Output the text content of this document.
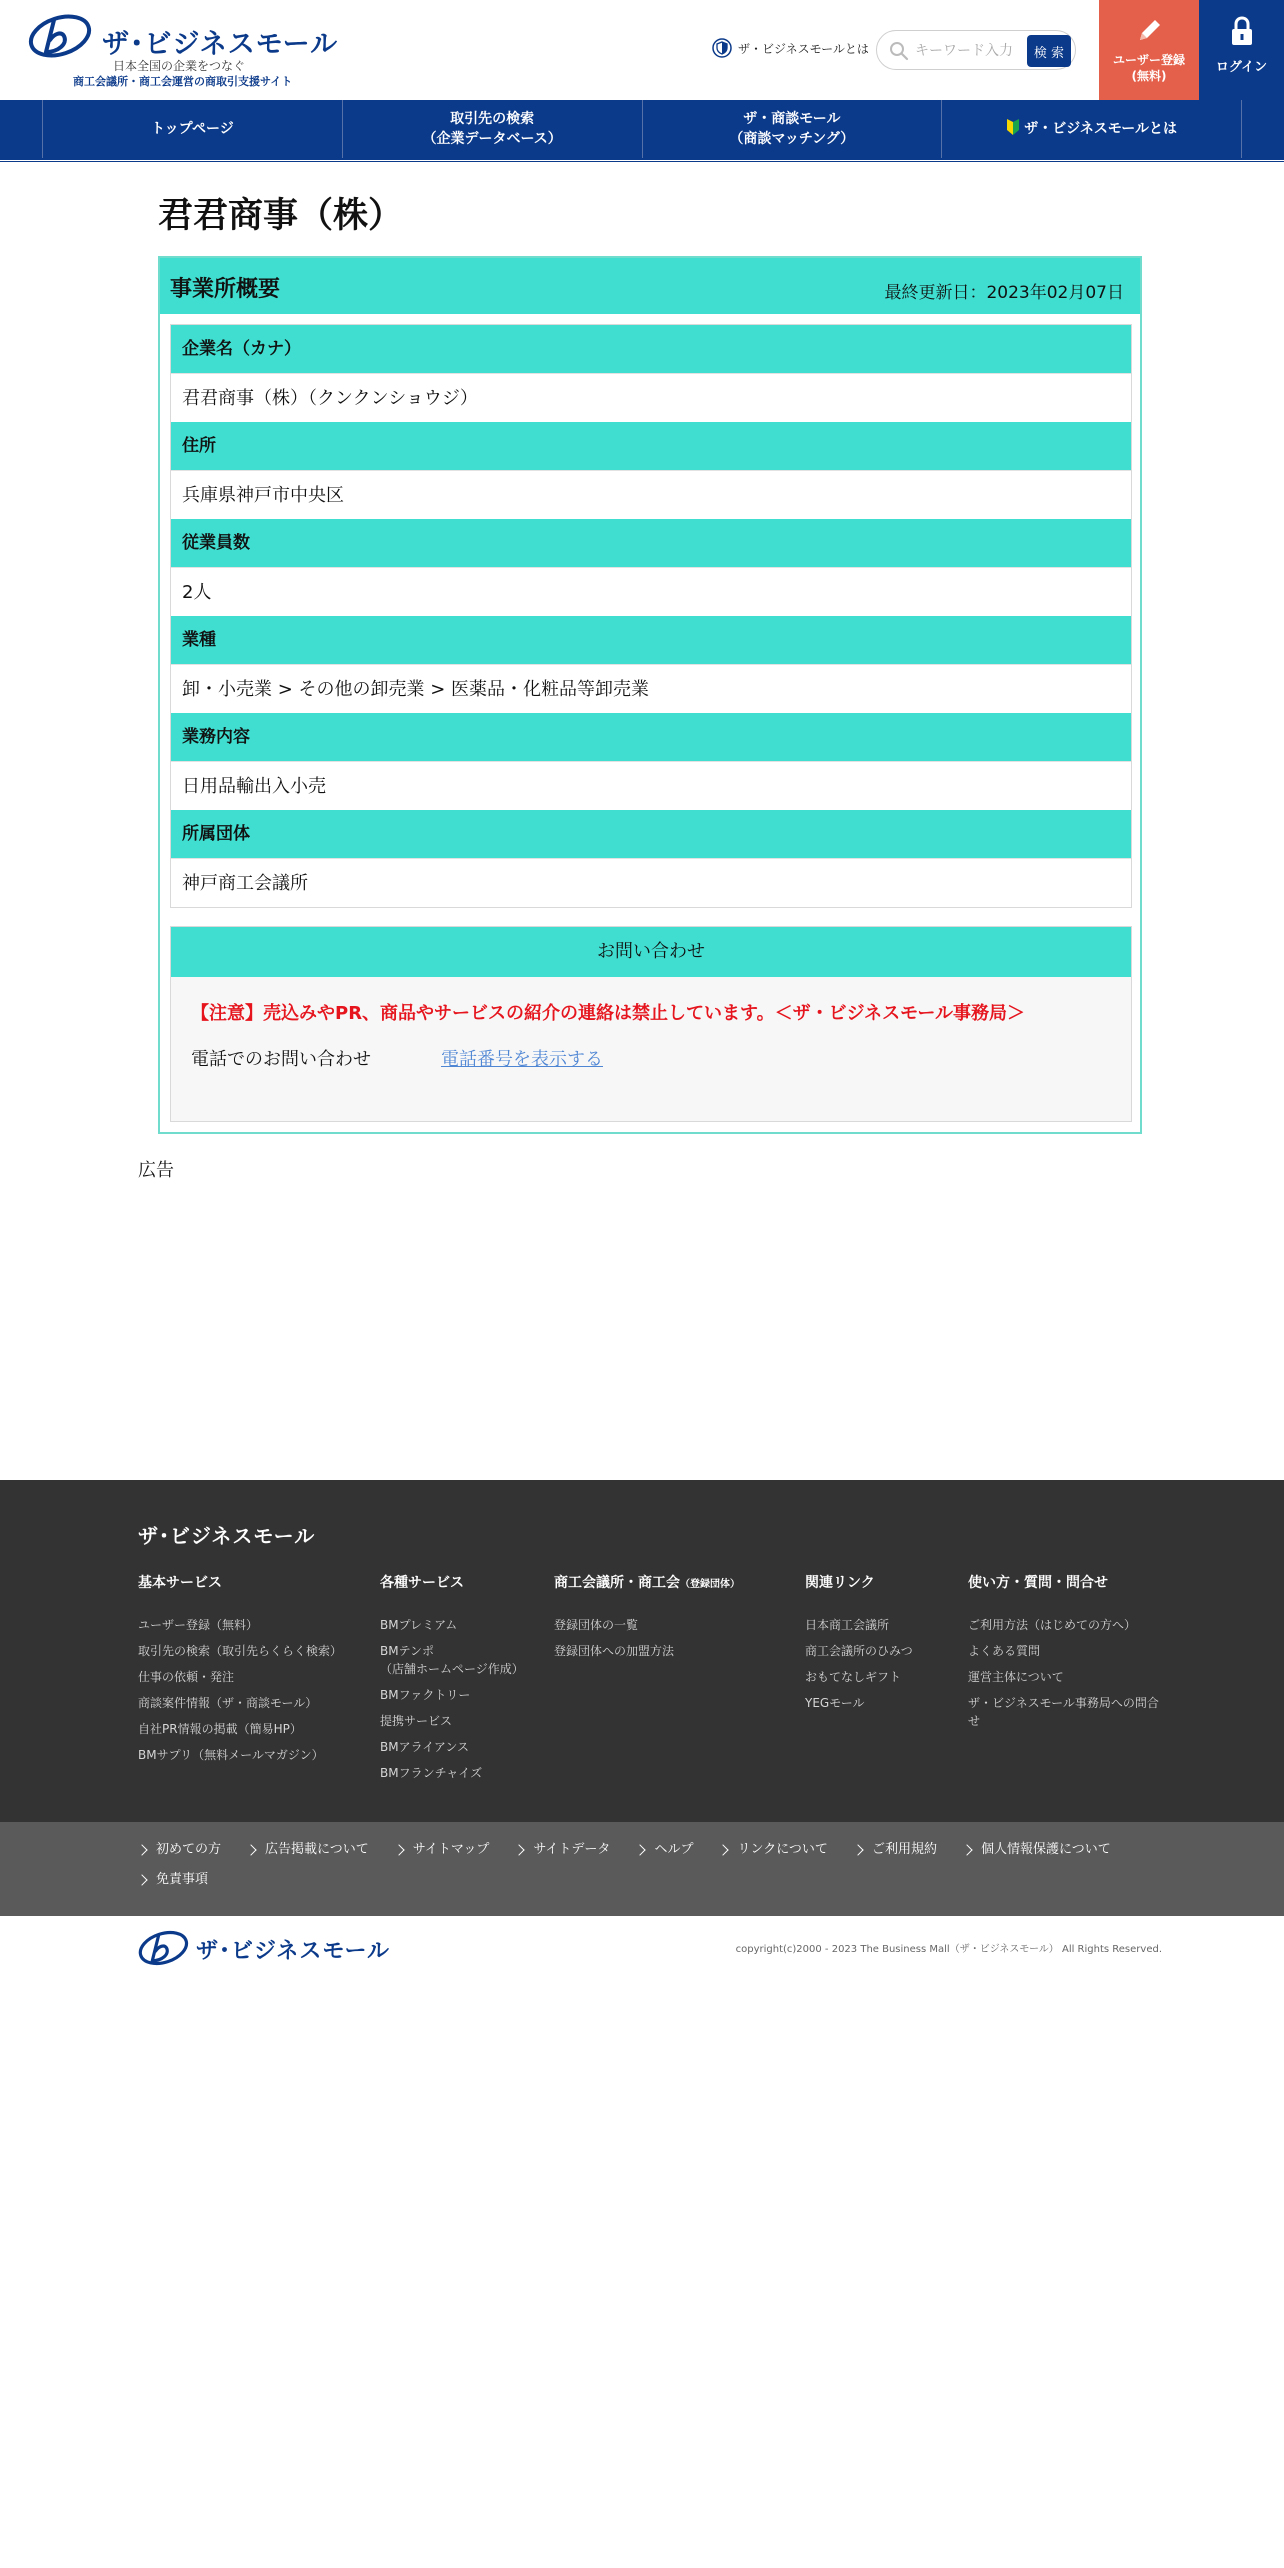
ザ･ビジネスモール
日本全国の企業をつなぐ
商工会議所・商工会運営の商取引支援サイト
ザ・ビジネスモールとは
キーワード入力	検 索	ユーザー登録
(無料)
ログイン
トップページ
取引先の検索
（企業データベース）
ザ・商談モール
（商談マッチング）
ザ・ビジネスモールとは
君君商事（株）
事業所概要	最終更新日：2023年02月07日
企業名（カナ）
君君商事（株）（クンクンショウジ）
住所
兵庫県神戸市中央区
従業員数
2人
業種
卸・小売業 > その他の卸売業 > 医薬品・化粧品等卸売業
業務内容
日用品輸出入小売
所属団体
神戸商工会議所
お問い合わせ
【注意】売込みやPR、商品やサービスの紹介の連絡は禁止しています。＜ザ・ビジネスモール事務局＞
電話でのお問い合わせ	電話番号を表示する
広告
ザ･ビジネスモール
基本サービス
ユーザー登録（無料）
取引先の検索（取引先らくらく検索）
仕事の依頼・発注
商談案件情報（ザ・商談モール）
自社PR情報の掲載（簡易HP）
BMサプリ（無料メールマガジン）
各種サービス
BMプレミアム
BMテンポ
（店舗ホームページ作成）
BMファクトリー
提携サービス
BMアライアンス
BMフランチャイズ
商工会議所・商工会（登録団体）
登録団体の一覧
登録団体への加盟方法
関連リンク
日本商工会議所
商工会議所のひみつ
おもてなしギフト
YEGモール
使い方・質問・問合せ
ご利用方法（はじめての方へ）
よくある質問
運営主体について
ザ・ビジネスモール事務局への問合
せ
初めての方	広告掲載について	サイトマップ	サイトデータ	ヘルプ	リンクについて	ご利用規約	個人情報保護について
免責事項
ザ･ビジネスモール	copyright(c)2000 - 2023 The Business Mall（ザ・ビジネスモール） All Rights Reserved.
